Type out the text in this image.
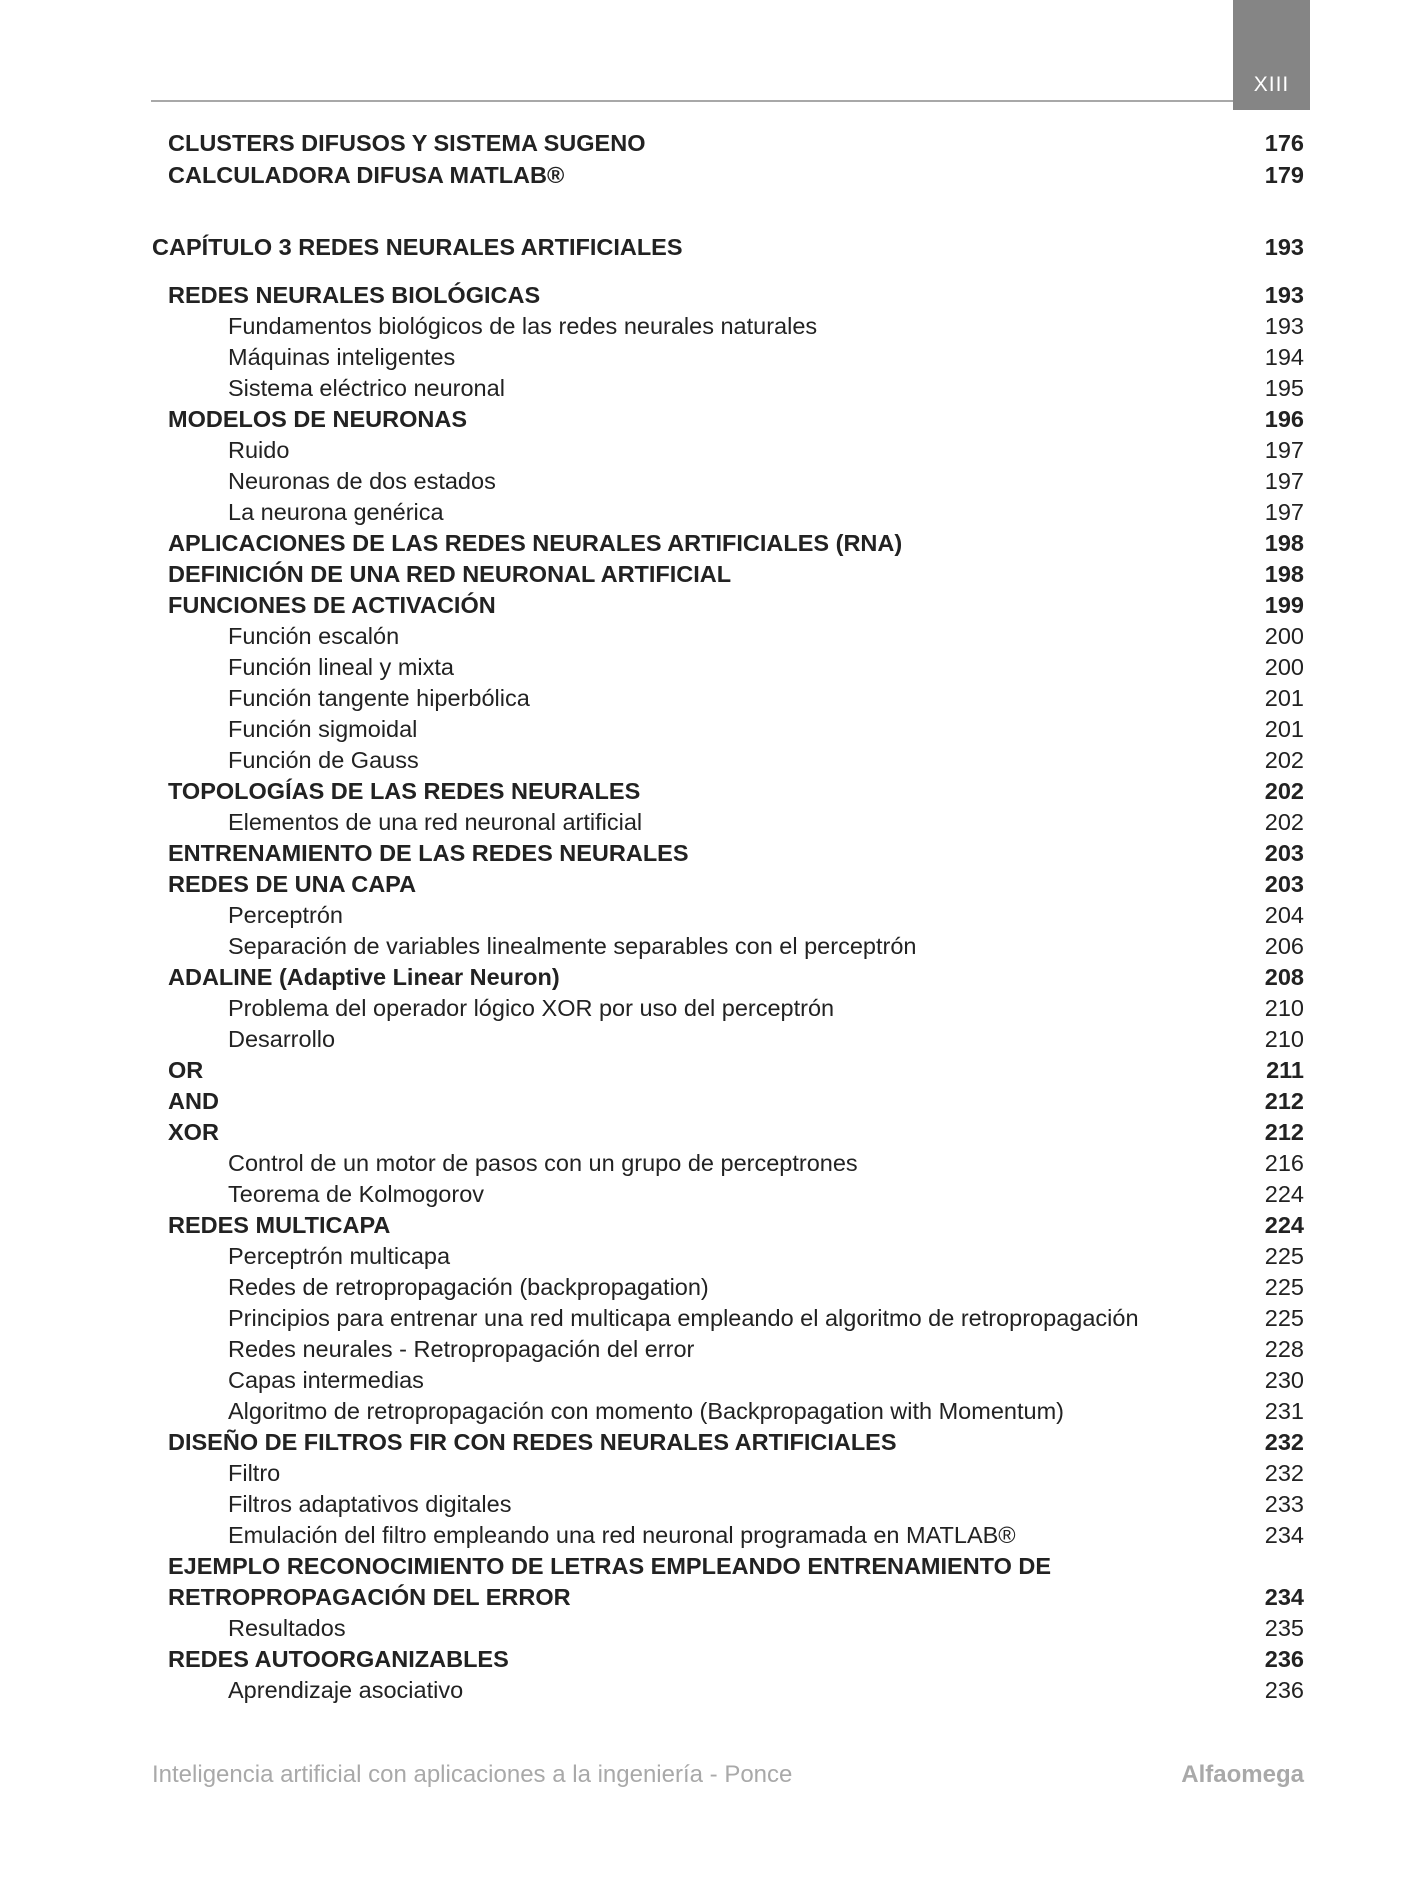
XIII
CLUSTERS DIFUSOS Y SISTEMA SUGENO	176
CALCULADORA DIFUSA MATLAB®	179
CAPÍTULO 3 REDES NEURALES ARTIFICIALES	193
REDES NEURALES BIOLÓGICAS	193
Fundamentos biológicos de las redes neurales naturales	193
Máquinas inteligentes	194
Sistema eléctrico neuronal	195
MODELOS DE NEURONAS	196
Ruido	197
Neuronas de dos estados	197
La neurona genérica	197
APLICACIONES DE LAS REDES NEURALES ARTIFICIALES (RNA)	198
DEFINICIÓN DE UNA RED NEURONAL ARTIFICIAL	198
FUNCIONES DE ACTIVACIÓN	199
Función escalón	200
Función lineal y mixta	200
Función tangente hiperbólica	201
Función sigmoidal	201
Función de Gauss	202
TOPOLOGÍAS DE LAS REDES NEURALES	202
Elementos de una red neuronal artificial	202
ENTRENAMIENTO DE LAS REDES NEURALES	203
REDES DE UNA CAPA	203
Perceptrón	204
Separación de variables linealmente separables con el perceptrón	206
ADALINE (Adaptive Linear Neuron)	208
Problema del operador lógico XOR por uso del perceptrón	210
Desarrollo	210
OR	211
AND	212
XOR	212
Control de un motor de pasos con un grupo de perceptrones	216
Teorema de Kolmogorov	224
REDES MULTICAPA	224
Perceptrón multicapa	225
Redes de retropropagación (backpropagation)	225
Principios para entrenar una red multicapa empleando el algoritmo de retropropagación	225
Redes neurales - Retropropagación del error	228
Capas intermedias	230
Algoritmo de retropropagación con momento (Backpropagation with Momentum)	231
DISEÑO DE FILTROS FIR CON REDES NEURALES ARTIFICIALES	232
Filtro	232
Filtros adaptativos digitales	233
Emulación del filtro empleando una red neuronal programada en MATLAB®	234
EJEMPLO RECONOCIMIENTO DE LETRAS EMPLEANDO ENTRENAMIENTO DE
RETROPROPAGACIÓN DEL ERROR	234
Resultados	235
REDES AUTOORGANIZABLES	236
Aprendizaje asociativo	236
Inteligencia artificial con aplicaciones a la ingeniería - Ponce	Alfaomega
